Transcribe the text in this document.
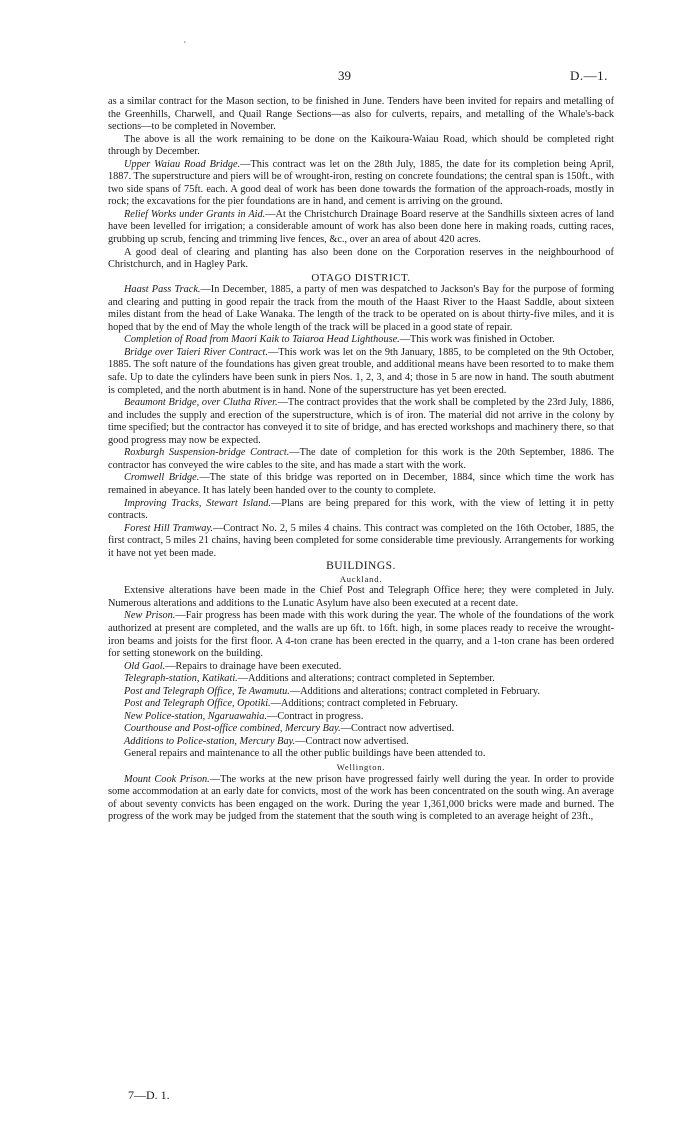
'
39	D.—1.

as a similar contract for the Mason section, to be finished in June. Tenders have been invited for repairs and metalling of the Greenhills, Charwell, and Quail Range Sections—as also for culverts, repairs, and metalling of the Whale's-back sections—to be completed in November.

The above is all the work remaining to be done on the Kaikoura-Waiau Road, which should be completed right through by December.

Upper Waiau Road Bridge.—This contract was let on the 28th July, 1885, the date for its completion being April, 1887. The superstructure and piers will be of wrought-iron, resting on concrete foundations; the central span is 150ft., with two side spans of 75ft. each. A good deal of work has been done towards the formation of the approach-roads, mostly in rock; the excavations for the pier foundations are in hand, and cement is arriving on the ground.

Relief Works under Grants in Aid.—At the Christchurch Drainage Board reserve at the Sandhills sixteen acres of land have been levelled for irrigation; a considerable amount of work has also been done here in making roads, cutting races, grubbing up scrub, fencing and trimming live fences, &c., over an area of about 420 acres.

A good deal of clearing and planting has also been done on the Corporation reserves in the neighbourhood of Christchurch, and in Hagley Park.

OTAGO DISTRICT.

Haast Pass Track.—In December, 1885, a party of men was despatched to Jackson's Bay for the purpose of forming and clearing and putting in good repair the track from the mouth of the Haast River to the Haast Saddle, about sixteen miles distant from the head of Lake Wanaka. The length of the track to be operated on is about thirty-five miles, and it is hoped that by the end of May the whole length of the track will be placed in a good state of repair.

Completion of Road from Maori Kaik to Taiaroa Head Lighthouse.—This work was finished in October.

Bridge over Taieri River Contract.—This work was let on the 9th January, 1885, to be completed on the 9th October, 1885. The soft nature of the foundations has given great trouble, and additional means have been resorted to to make them safe. Up to date the cylinders have been sunk in piers Nos. 1, 2, 3, and 4; those in 5 are now in hand. The south abutment is completed, and the north abutment is in hand. None of the superstructure has yet been erected.

Beaumont Bridge, over Clutha River.—The contract provides that the work shall be completed by the 23rd July, 1886, and includes the supply and erection of the superstructure, which is of iron. The material did not arrive in the colony by time specified; but the contractor has conveyed it to site of bridge, and has erected workshops and machinery there, so that good progress may now be expected.

Roxburgh Suspension-bridge Contract.—The date of completion for this work is the 20th September, 1886. The contractor has conveyed the wire cables to the site, and has made a start with the work.

Cromwell Bridge.—The state of this bridge was reported on in December, 1884, since which time the work has remained in abeyance. It has lately been handed over to the county to complete.

Improving Tracks, Stewart Island.—Plans are being prepared for this work, with the view of letting it in petty contracts.

Forest Hill Tramway.—Contract No. 2, 5 miles 4 chains. This contract was completed on the 16th October, 1885, the first contract, 5 miles 21 chains, having been completed for some considerable time previously. Arrangements for working it have not yet been made.

BUILDINGS.

Auckland.

Extensive alterations have been made in the Chief Post and Telegraph Office here; they were completed in July. Numerous alterations and additions to the Lunatic Asylum have also been executed at a recent date.

New Prison.—Fair progress has been made with this work during the year. The whole of the foundations of the work authorized at present are completed, and the walls are up 6ft. to 16ft. high, in some places ready to receive the wrought-iron beams and joists for the first floor. A 4-ton crane has been erected in the quarry, and a 1-ton crane has been ordered for setting stonework on the building.

Old Gaol.—Repairs to drainage have been executed.

Telegraph-station, Katikati.—Additions and alterations; contract completed in September.

Post and Telegraph Office, Te Awamutu.—Additions and alterations; contract completed in February.

Post and Telegraph Office, Opotiki.—Additions; contract completed in February.

New Police-station, Ngaruawahia.—Contract in progress.

Courthouse and Post-office combined, Mercury Bay.—Contract now advertised.

Additions to Police-station, Mercury Bay.—Contract now advertised.

General repairs and maintenance to all the other public buildings have been attended to.

Wellington.

Mount Cook Prison.—The works at the new prison have progressed fairly well during the year. In order to provide some accommodation at an early date for convicts, most of the work has been concentrated on the south wing. An average of about seventy convicts has been engaged on the work. During the year 1,361,000 bricks were made and burned. The progress of the work may be judged from the statement that the south wing is completed to an average height of 23ft.,

7—D. 1.
